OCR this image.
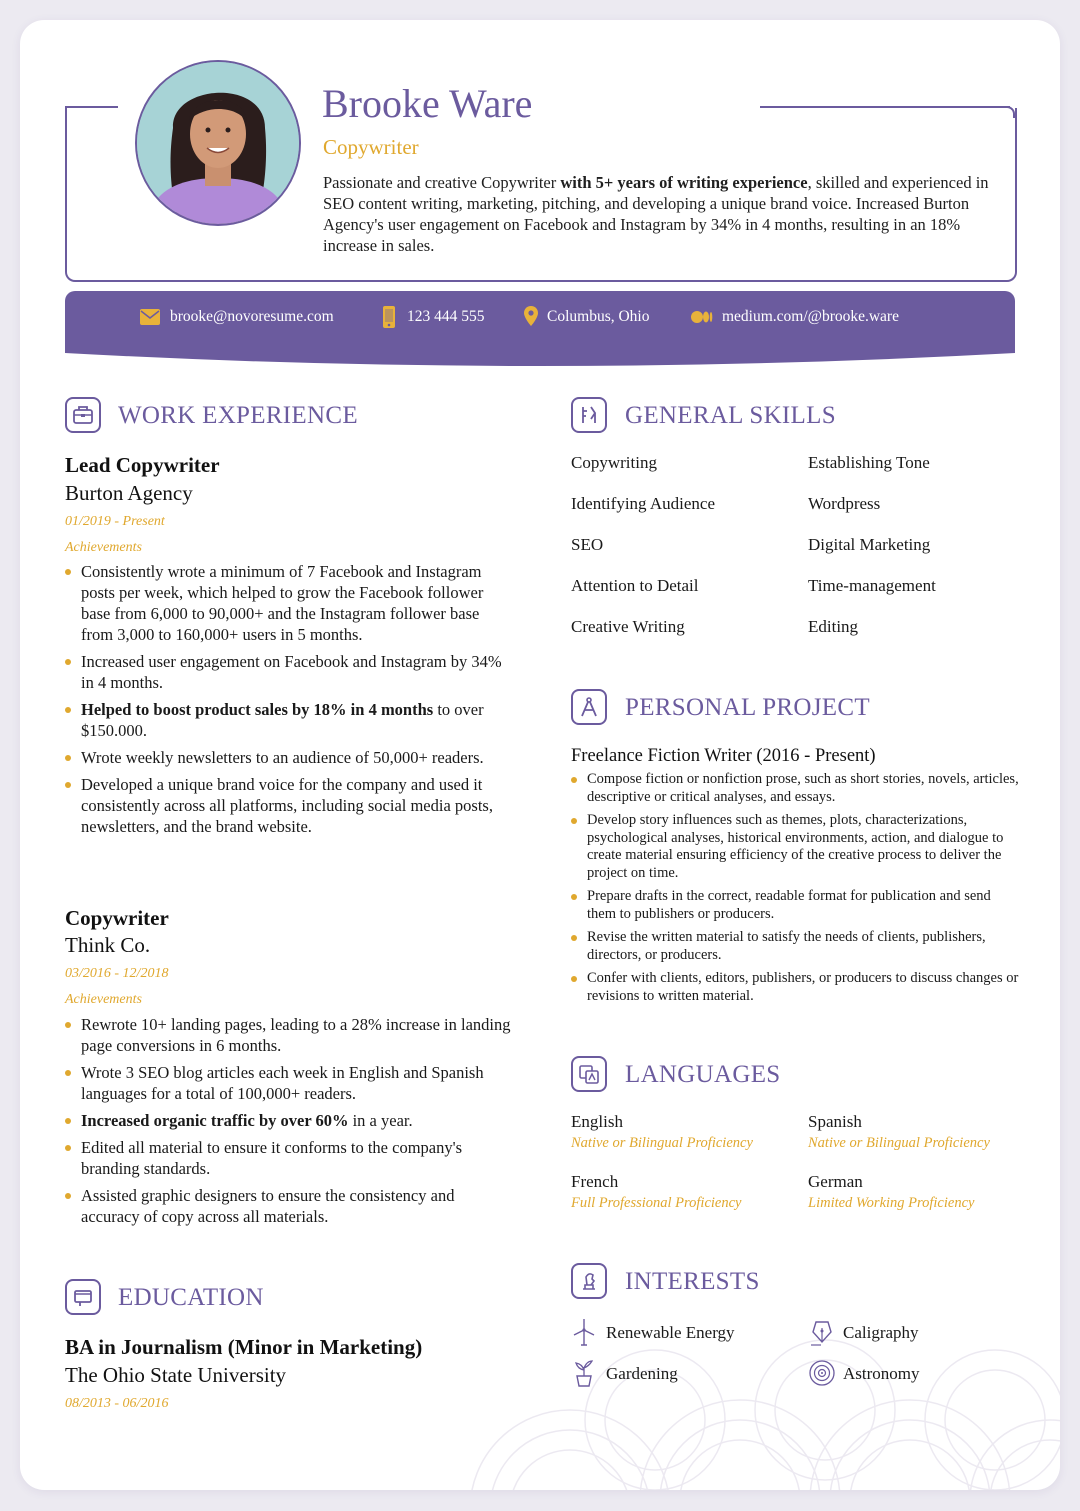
Brooke Ware
Copywriter
Passionate and creative Copywriter with 5+ years of writing experience, skilled and experienced in SEO content writing, marketing, pitching, and developing a unique brand voice. Increased Burton Agency's user engagement on Facebook and Instagram by 34% in 4 months, resulting in an 18% increase in sales.
brooke@novoresume.com	123 444 555	Columbus, Ohio	medium.com/@brooke.ware
WORK EXPERIENCE
Lead Copywriter
Burton Agency
01/2019 - Present
Achievements
Consistently wrote a minimum of 7 Facebook and Instagram posts per week, which helped to grow the Facebook follower base from 6,000 to 90,000+ and the Instagram follower base from 3,000 to 160,000+ users in 5 months.
Increased user engagement on Facebook and Instagram by 34% in 4 months.
Helped to boost product sales by 18% in 4 months to over $150.000.
Wrote weekly newsletters to an audience of 50,000+ readers.
Developed a unique brand voice for the company and used it consistently across all platforms, including social media posts, newsletters, and the brand website.
Copywriter
Think Co.
03/2016 - 12/2018
Achievements
Rewrote 10+ landing pages, leading to a 28% increase in landing page conversions in 6 months.
Wrote 3 SEO blog articles each week in English and Spanish languages for a total of 100,000+ readers.
Increased organic traffic by over 60% in a year.
Edited all material to ensure it conforms to the company's branding standards.
Assisted graphic designers to ensure the consistency and accuracy of copy across all materials.
EDUCATION
BA in Journalism (Minor in Marketing)
The Ohio State University
08/2013 - 06/2016
GENERAL SKILLS
Copywriting	Establishing Tone
Identifying Audience	Wordpress
SEO	Digital Marketing
Attention to Detail	Time-management
Creative Writing	Editing
PERSONAL PROJECT
Freelance Fiction Writer (2016 - Present)
Compose fiction or nonfiction prose, such as short stories, novels, articles, descriptive or critical analyses, and essays.
Develop story influences such as themes, plots, characterizations, psychological analyses, historical environments, action, and dialogue to create material ensuring efficiency of the creative process to deliver the project on time.
Prepare drafts in the correct, readable format for publication and send them to publishers or producers.
Revise the written material to satisfy the needs of clients, publishers, directors, or producers.
Confer with clients, editors, publishers, or producers to discuss changes or revisions to written material.
LANGUAGES
English
Native or Bilingual Proficiency
Spanish
Native or Bilingual Proficiency
French
Full Professional Proficiency
German
Limited Working Proficiency
INTERESTS
Renewable Energy	Caligraphy
Gardening	Astronomy
